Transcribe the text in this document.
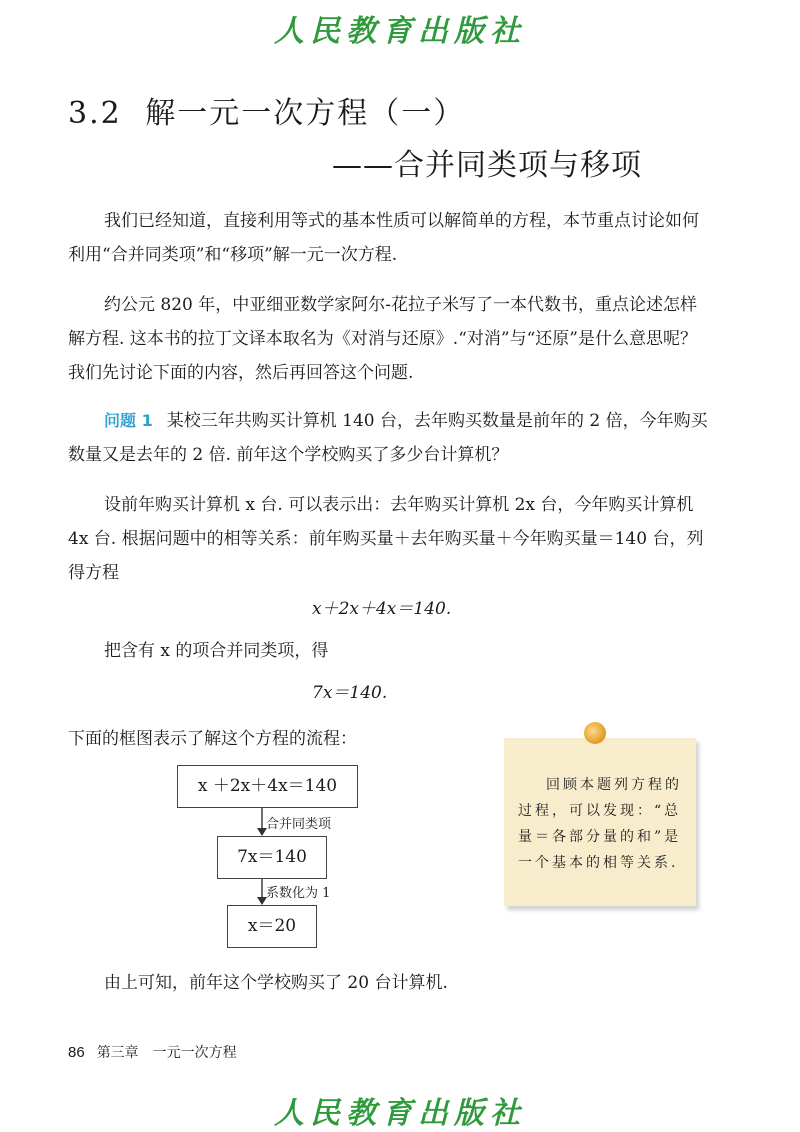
人民教育出版社
3.2 解一元一次方程（一）
——合并同类项与移项
我们已经知道，直接利用等式的基本性质可以解简单的方程，本节重点讨论如何利用“合并同类项”和“移项”解一元一次方程.
约公元 820 年，中亚细亚数学家阿尔-花拉子米写了一本代数书，重点论述怎样解方程. 这本书的拉丁文译本取名为《对消与还原》.“对消”与“还原”是什么意思呢？我们先讨论下面的内容，然后再回答这个问题.
问题 1 某校三年共购买计算机 140 台，去年购买数量是前年的 2 倍，今年购买数量又是去年的 2 倍. 前年这个学校购买了多少台计算机？
设前年购买计算机 x 台. 可以表示出：去年购买计算机 2x 台，今年购买计算机 4x 台. 根据问题中的相等关系：前年购买量＋去年购买量＋今年购买量＝140 台，列得方程
x＋2x＋4x＝140.
把含有 x 的项合并同类项，得
7x＝140.
下面的框图表示了解这个方程的流程：
x ＋2x＋4x＝140
合并同类项
7x＝140
系数化为 1
x＝20
回顾本题列方程的过程，可以发现：“总量＝各部分量的和”是一个基本的相等关系.
由上可知，前年这个学校购买了 20 台计算机.
86 第三章　一元一次方程
人民教育出版社
